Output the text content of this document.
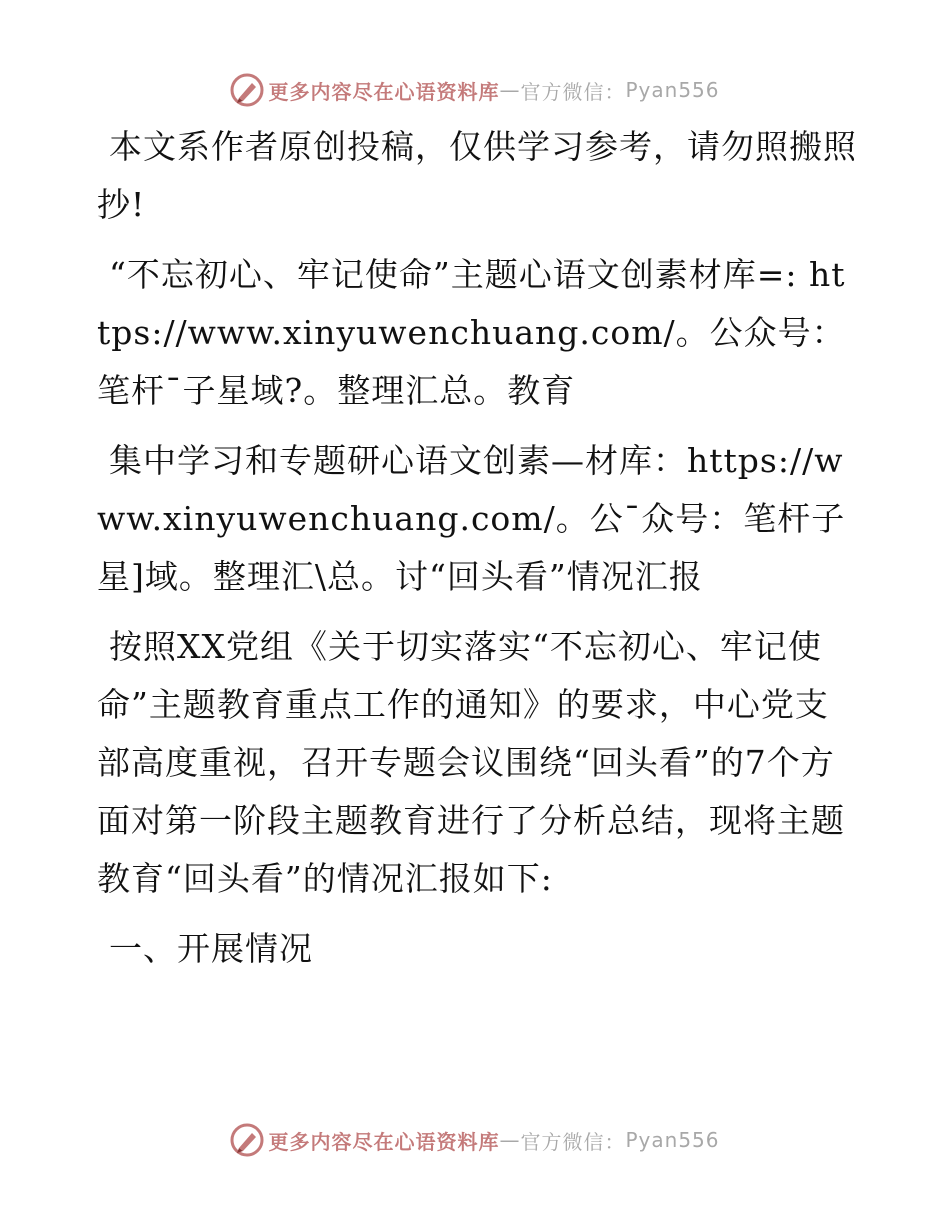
更多内容尽在心语资料库 — 官方微信： Pyan556

本文系作者原创投稿，仅供学习参考，请勿照搬照抄!

“不忘初心、牢记使命”主题心语文创素材库=: https://www.xinyuwenchuang.com/。公众号：笔杆¯子星域?。整理汇总。教育

集中学习和专题研心语文创素—材库：https://www.xinyuwenchuang.com/。公¯众号：笔杆子星]域。整理汇\总。讨“回头看”情况汇报

按照XX党组《关于切实落实“不忘初心、牢记使命”主题教育重点工作的通知》的要求，中心党支部高度重视，召开专题会议围绕“回头看”的7个方面对第一阶段主题教育进行了分析总结，现将主题教育“回头看”的情况汇报如下:

一、开展情况

更多内容尽在心语资料库 — 官方微信： Pyan556
